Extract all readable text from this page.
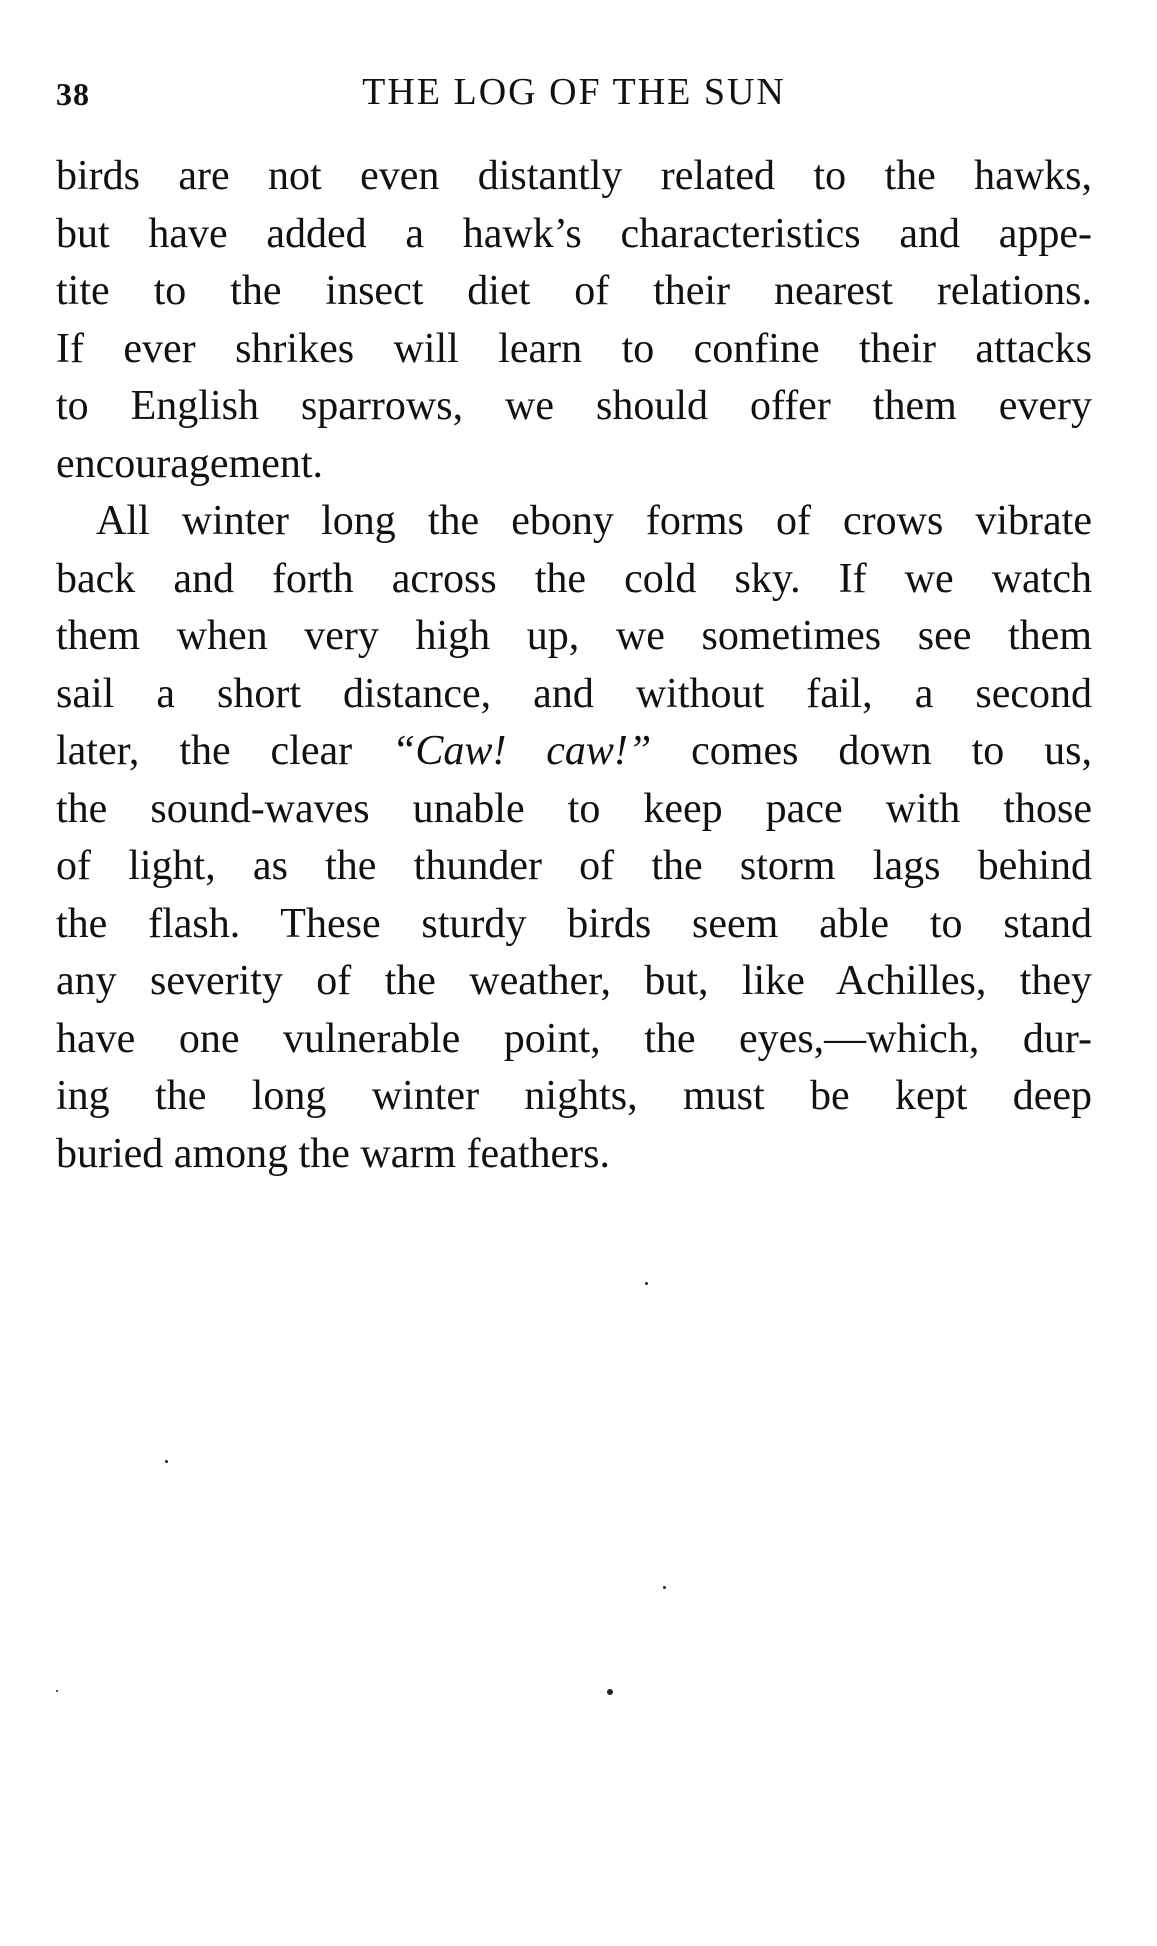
38	THE LOG OF THE SUN
birds are not even distantly related to the hawks,
but have added a hawk’s characteristics and appe-
tite to the insect diet of their nearest relations.
If ever shrikes will learn to confine their attacks
to English sparrows, we should offer them every
encouragement.
All winter long the ebony forms of crows vibrate
back and forth across the cold sky. If we watch
them when very high up, we sometimes see them
sail a short distance, and without fail, a second
later, the clear “Caw! caw!” comes down to us,
the sound-waves unable to keep pace with those
of light, as the thunder of the storm lags behind
the flash. These sturdy birds seem able to stand
any severity of the weather, but, like Achilles, they
have one vulnerable point, the eyes,—which, dur-
ing the long winter nights, must be kept deep
buried among the warm feathers.
